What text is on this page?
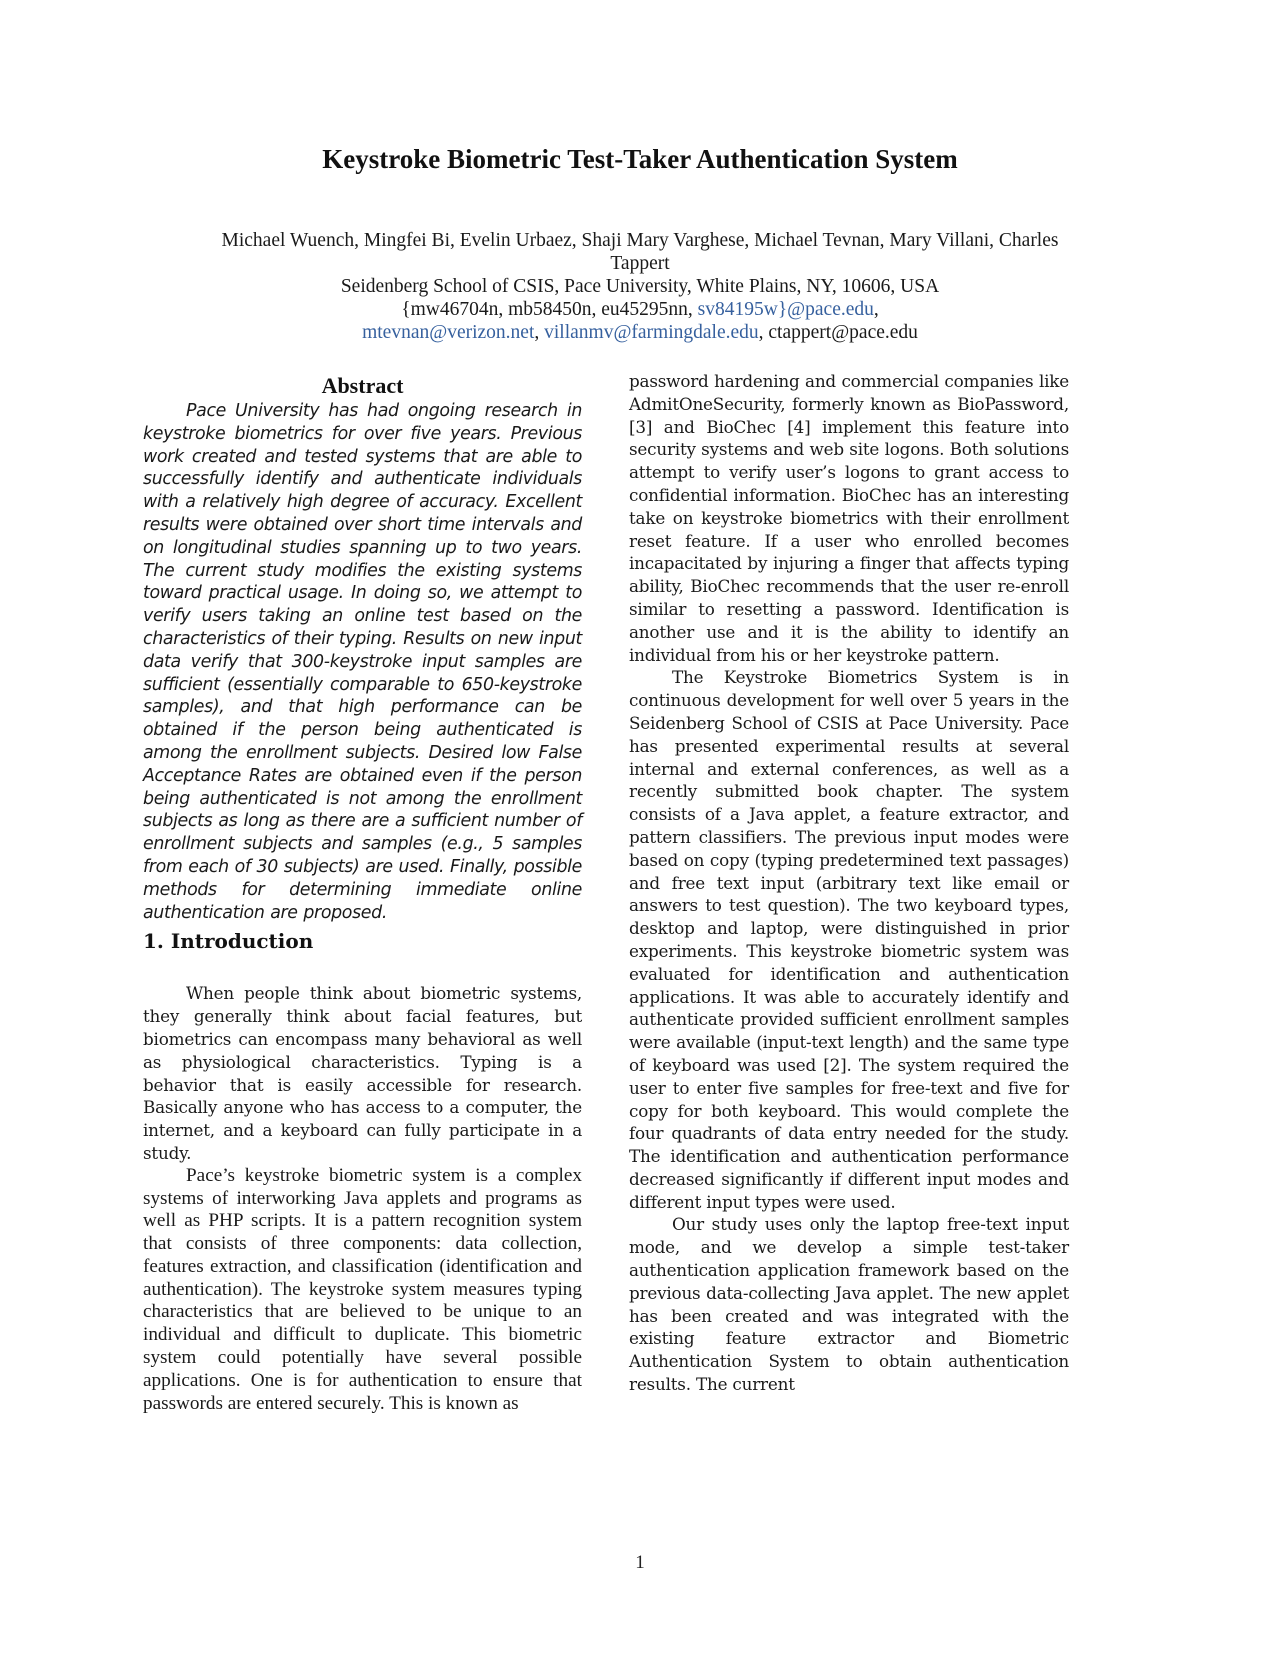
Keystroke Biometric Test-Taker Authentication System
Michael Wuench, Mingfei Bi, Evelin Urbaez, Shaji Mary Varghese, Michael Tevnan, Mary Villani, Charles
Tappert
Seidenberg School of CSIS, Pace University, White Plains, NY, 10606, USA
{mw46704n, mb58450n, eu45295nn, sv84195w}@pace.edu,
mtevnan@verizon.net, villanmv@farmingdale.edu, ctappert@pace.edu
Abstract

Pace University has had ongoing research in keystroke biometrics for over five years. Previous work created and tested systems that are able to successfully identify and authenticate individuals with a relatively high degree of accuracy. Excellent results were obtained over short time intervals and on longitudinal studies spanning up to two years. The current study modifies the existing systems toward practical usage. In doing so, we attempt to verify users taking an online test based on the characteristics of their typing. Results on new input data verify that 300-keystroke input samples are sufficient (essentially comparable to 650-keystroke samples), and that high performance can be obtained if the person being authenticated is among the enrollment subjects. Desired low False Acceptance Rates are obtained even if the person being authenticated is not among the enrollment subjects as long as there are a sufficient number of enrollment subjects and samples (e.g., 5 samples from each of 30 subjects) are used. Finally, possible methods for determining immediate online authentication are proposed.

1. Introduction

When people think about biometric systems, they generally think about facial features, but biometrics can encompass many behavioral as well as physiological characteristics. Typing is a behavior that is easily accessible for research. Basically anyone who has access to a computer, the internet, and a keyboard can fully participate in a study.

Pace’s keystroke biometric system is a complex systems of interworking Java applets and programs as well as PHP scripts. It is a pattern recognition system that consists of three components: data collection, features extraction, and classification (identification and authentication). The keystroke system measures typing characteristics that are believed to be unique to an individual and difficult to duplicate. This biometric system could potentially have several possible applications. One is for authentication to ensure that passwords are entered securely. This is known as

password hardening and commercial companies like AdmitOneSecurity, formerly known as BioPassword, [3] and BioChec [4] implement this feature into security systems and web site logons. Both solutions attempt to verify user’s logons to grant access to confidential information. BioChec has an interesting take on keystroke biometrics with their enrollment reset feature. If a user who enrolled becomes incapacitated by injuring a finger that affects typing ability, BioChec recommends that the user re-enroll similar to resetting a password. Identification is another use and it is the ability to identify an individual from his or her keystroke pattern.

The Keystroke Biometrics System is in continuous development for well over 5 years in the Seidenberg School of CSIS at Pace University. Pace has presented experimental results at several internal and external conferences, as well as a recently submitted book chapter. The system consists of a Java applet, a feature extractor, and pattern classifiers. The previous input modes were based on copy (typing predetermined text passages) and free text input (arbitrary text like email or answers to test question). The two keyboard types, desktop and laptop, were distinguished in prior experiments. This keystroke biometric system was evaluated for identification and authentication applications. It was able to accurately identify and authenticate provided sufficient enrollment samples were available (input-text length) and the same type of keyboard was used [2]. The system required the user to enter five samples for free-text and five for copy for both keyboard. This would complete the four quadrants of data entry needed for the study. The identification and authentication performance decreased significantly if different input modes and different input types were used.

Our study uses only the laptop free-text input mode, and we develop a simple test-taker authentication application framework based on the previous data-collecting Java applet. The new applet has been created and was integrated with the existing feature extractor and Biometric Authentication System to obtain authentication results. The current

1
